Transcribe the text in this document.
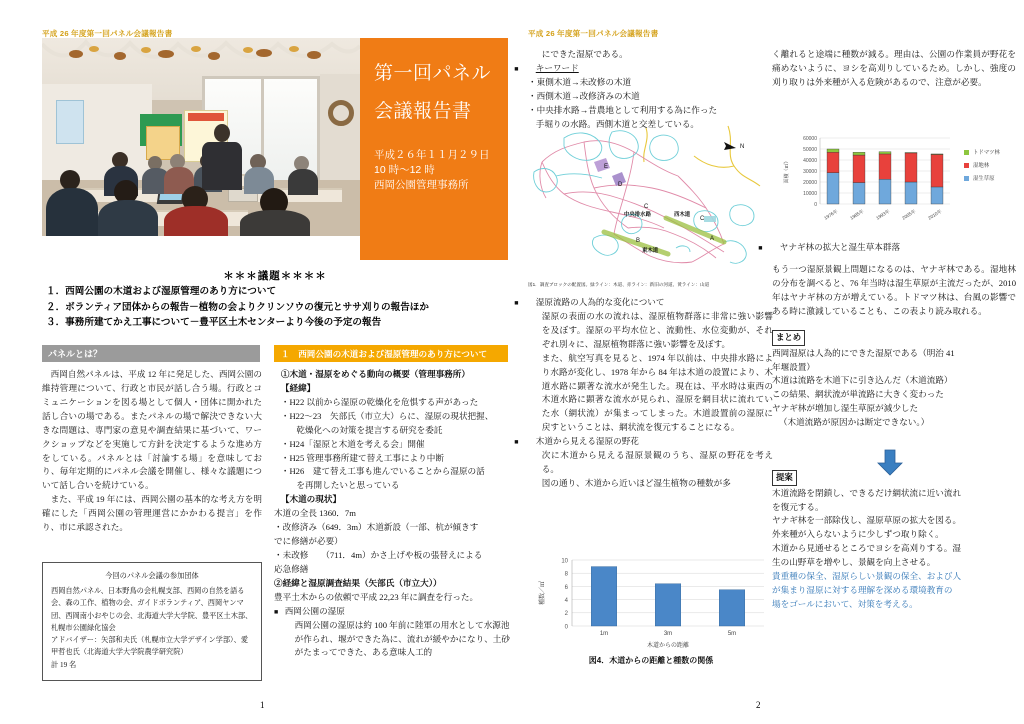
平成 26 年度第一回パネル会議報告書
第一回パネル
会議報告書
平成２６年１１月２９日
10 時～12 時
西岡公園管理事務所
＊＊＊議題＊＊＊＊
１．西岡公園の木道および湿原管理のあり方について
２．ボランティア団体からの報告－植物の会よりクリンソウの復元とササ刈りの報告ほか
３．事務所建てかえ工事について－豊平区土木センターより今後の予定の報告
パネルとは？

西岡自然パネルは、平成 12 年に発足した、西岡公園の維持管理について、行政と市民が話し合う場。行政とコミュニケーションを図る場として個人・団体に開かれた話し合いの場である。またパネルの場で解決できない大きな問題は、専門家の意見や調査結果に基づいて、ワークショップなどを実施して方針を決定するような進め方をしている。パネルとは「討論する場」を意味しており、毎年定期的にパネル会議を開催し、様々な議題について話し合いを続けている。

また、平成 19 年には、西岡公園の基本的な考え方を明確にした「西岡公園の管理運営にかかわる提言」を作り、市に承認された。

今回のパネル会議の参加団体
西岡自然パネル、日本野鳥の会札幌支部、西岡の自然を語る会、森の工作、植物の会、ガイドボランティア、西岡ヤンマ団、西岡南小おやじの会、北海道大学大学院、豊平区土木部、札幌市公園緑化協会
アドバイザー：矢部和夫氏（札幌市立大学デザイン学部）、愛甲哲也氏（北海道大学大学院農学研究院）
計 19 名
１　西岡公園の木道および湿原管理のあり方について
①木道・湿原をめぐる動向の概要（管理事務所）
【経緯】
・H22 以前から湿原の乾燥化を危惧する声があった
・H22～23　矢部氏（市立大）らに、湿原の現状把握、
乾燥化への対策を提言する研究を委託
・H24「湿原と木道を考える会」開催
・H25 管理事務所建て替え工事により中断
・H26　建て替え工事も進んでいることから湿原の話
を再開したいと思っている
【木道の現状】
木道の全長 1360．7m
・改修済み（649．3m）木道新設（一部、杭が傾きす
でに修繕が必要）
・未改修　　（711．4m）かさ上げや板の張替えによる
応急修繕
②経緯と湿原調査結果（矢部氏（市立大））
豊平土木からの依頼で平成 22,23 年に調査を行った。
■ 西岡公園の湿原
西岡公園の湿原は約 100 年前に陸軍の用水として水源池が作られ、堰ができた為に、流れが緩やかになり、土砂がたまってできた、ある意味人工的
1
平成 26 年度第一回パネル会議報告書

にできた湿原である。

■ キーワード

・東側木道→未改修の木道

・西側木道→改修済みの木道

・中央排水路→昔農地として利用する為に作った

手堀りの水路。西側木道と交差している。

N
中央排水路	西木道
東木道
A
B
C
C
D
E
図1．調査ブロックの配置図。緑ライン：木道、赤ライン：新旧の河道、黄ライン：山道

■ 湿原流路の人為的な変化について

湿原の表面の水の流れは、湿原植物群落に非常に強い影響を及ぼす。湿原の平均水位と、流動性、水位変動が、それぞれ別々に、湿原植物群落に強い影響を及ぼす。

また、航空写真を見ると、1974 年以前は、中央排水路により水路が変化し、1978 年から 84 年は木道の設置により、木道水路に顕著な流水が発生した。現在は、平水時は東西の木道水路に顕著な流水が見られ、湿原を網目状に流れていた水（網状流）が集まってしまった。木道設置前の湿原に戻すということは、網状流を復元することになる。

■ 木道から見える湿原の野花

次に木道から見える湿原景観のうち、湿原の野花を考える。

図の通り、木道から近いほど湿生植物の種数が多

0
2
4
6
8
10
1m	3m	5m
木道からの距離
種数／㎡
図4．木道からの距離と種数の関係

く離れると途端に種数が減る。理由は、公園の作業員が野花を痛めないように、ヨシを高刈りしているため。しかし、強度の刈り取りは外来種が入る危険があるので、注意が必要。

0
10000
20000
30000
40000
50000
60000
1976年 1985年 1993年 2005年 2010年
面積（㎡）
トドマツ林
湿地林
湿生草原

■ ヤナギ林の拡大と湿生草本群落

もう一つ湿原景観上問題になるのは、ヤナギ林である。湿地林の分布を調べると、76 年当時は湿生草原が主流だったが、2010 年はヤナギ林の方が増えている。トドマツ林は、台風の影響である時に激減していることも、この表より読み取れる。

まとめ
西岡湿原は人為的にできた湿原である（明治 41
年堰設置）
木道は流路を木道下に引き込んだ（木道流路）
この結果、網状流が単流路に大きく変わった
ヤナギ林が増加し湿生草原が減少した
（木道流路が原因かは断定できない。）
提案
木道流路を閉鎖し、できるだけ網状流に近い流れ
を復元する。
ヤナギ林を一部除伐し、湿原草原の拡大を図る。
外来種が入らないように少しずつ取り除く。
木道から見通せるところでヨシを高刈りする。湿
生の山野草を増やし、景観を向上させる。
貴重種の保全、湿原らしい景観の保全、および人
が集まり湿原に対する理解を深める環境教育の
場をゴールにおいて、対策を考える。
2
